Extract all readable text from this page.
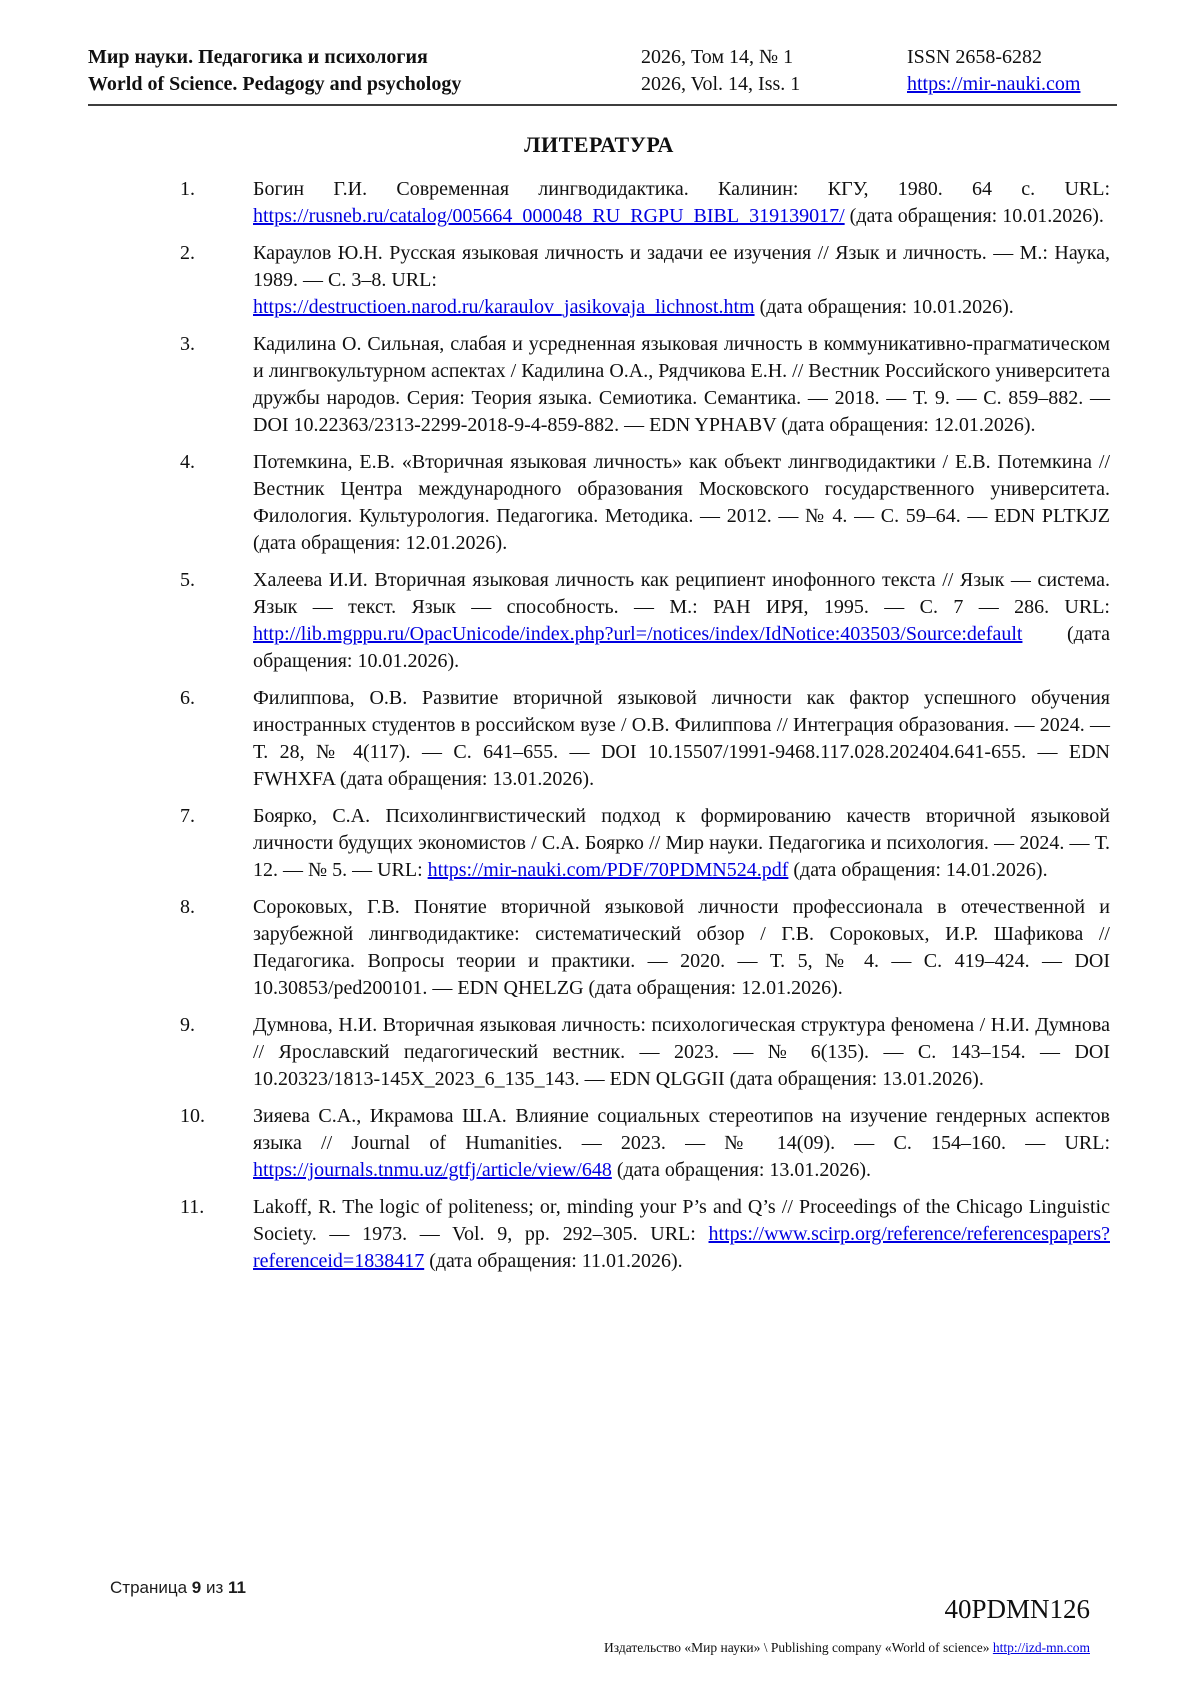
Мир науки. Педагогика и психология
World of Science. Pedagogy and psychology
2026, Том 14, № 1
2026, Vol. 14, Iss. 1
ISSN 2658-6282
https://mir-nauki.com
ЛИТЕРАТУРА
1.	Богин Г.И. Современная лингводидактика. Калинин: КГУ, 1980. 64 с. URL: https://rusneb.ru/catalog/005664_000048_RU_RGPU_BIBL_319139017/ (дата обращения: 10.01.2026).
2.	Караулов Ю.Н. Русская языковая личность и задачи ее изучения // Язык и личность. — М.: Наука, 1989. — С. 3–8. URL:
https://destructioen.narod.ru/karaulov_jasikovaja_lichnost.htm (дата обращения: 10.01.2026).
3.	Кадилина О. Сильная, слабая и усредненная языковая личность в коммуникативно-прагматическом и лингвокультурном аспектах / Кадилина О.А., Рядчикова Е.Н. // Вестник Российского университета дружбы народов. Серия: Теория языка. Семиотика. Семантика. — 2018. — Т. 9. — С. 859–882. — DOI 10.22363/2313-2299-2018-9-4-859-882. — EDN YPHABV (дата обращения: 12.01.2026).
4.	Потемкина, Е.В. «Вторичная языковая личность» как объект лингводидактики / Е.В. Потемкина // Вестник Центра международного образования Московского государственного университета. Филология. Культурология. Педагогика. Методика. — 2012. — № 4. — С. 59–64. — EDN PLTKJZ (дата обращения: 12.01.2026).
5.	Халеева И.И. Вторичная языковая личность как реципиент инофонного текста // Язык — система. Язык — текст. Язык — способность. — М.: РАН ИРЯ, 1995. — С. 7 — 286. URL: http://lib.mgppu.ru/OpacUnicode/index.php?url=/notices/index/IdNotice:403503/Source:default (дата обращения: 10.01.2026).
6.	Филиппова, О.В. Развитие вторичной языковой личности как фактор успешного обучения иностранных студентов в российском вузе / О.В. Филиппова // Интеграция образования. — 2024. — Т. 28, № 4(117). — С. 641–655. — DOI 10.15507/1991-9468.117.028.202404.641-655. — EDN FWHXFA (дата обращения: 13.01.2026).
7.	Боярко, С.А. Психолингвистический подход к формированию качеств вторичной языковой личности будущих экономистов / С.А. Боярко // Мир науки. Педагогика и психология. — 2024. — Т. 12. — № 5. — URL: https://mir-nauki.com/PDF/70PDMN524.pdf (дата обращения: 14.01.2026).
8.	Сороковых, Г.В. Понятие вторичной языковой личности профессионала в отечественной и зарубежной лингводидактике: систематический обзор / Г.В. Сороковых, И.Р. Шафикова // Педагогика. Вопросы теории и практики. — 2020. — Т. 5, № 4. — С. 419–424. — DOI 10.30853/ped200101. — EDN QHELZG (дата обращения: 12.01.2026).
9.	Думнова, Н.И. Вторичная языковая личность: психологическая структура феномена / Н.И. Думнова // Ярославский педагогический вестник. — 2023. — № 6(135). — С. 143–154. — DOI 10.20323/1813-145X_2023_6_135_143. — EDN QLGGII (дата обращения: 13.01.2026).
10.	Зияева С.А., Икрамова Ш.А. Влияние социальных стереотипов на изучение гендерных аспектов языка // Journal of Humanities. — 2023. — № 14(09). — С. 154–160. — URL: https://journals.tnmu.uz/gtfj/article/view/648 (дата обращения: 13.01.2026).
11.	Lakoff, R. The logic of politeness; or, minding your P’s and Q’s // Proceedings of the Chicago Linguistic Society. — 1973. — Vol. 9, pp. 292–305. URL: https://www.scirp.org/reference/referencespapers?referenceid=1838417 (дата обращения: 11.01.2026).
Страница 9 из 11
40PDMN126
Издательство «Мир науки» \ Publishing company «World of science» http://izd-mn.com
